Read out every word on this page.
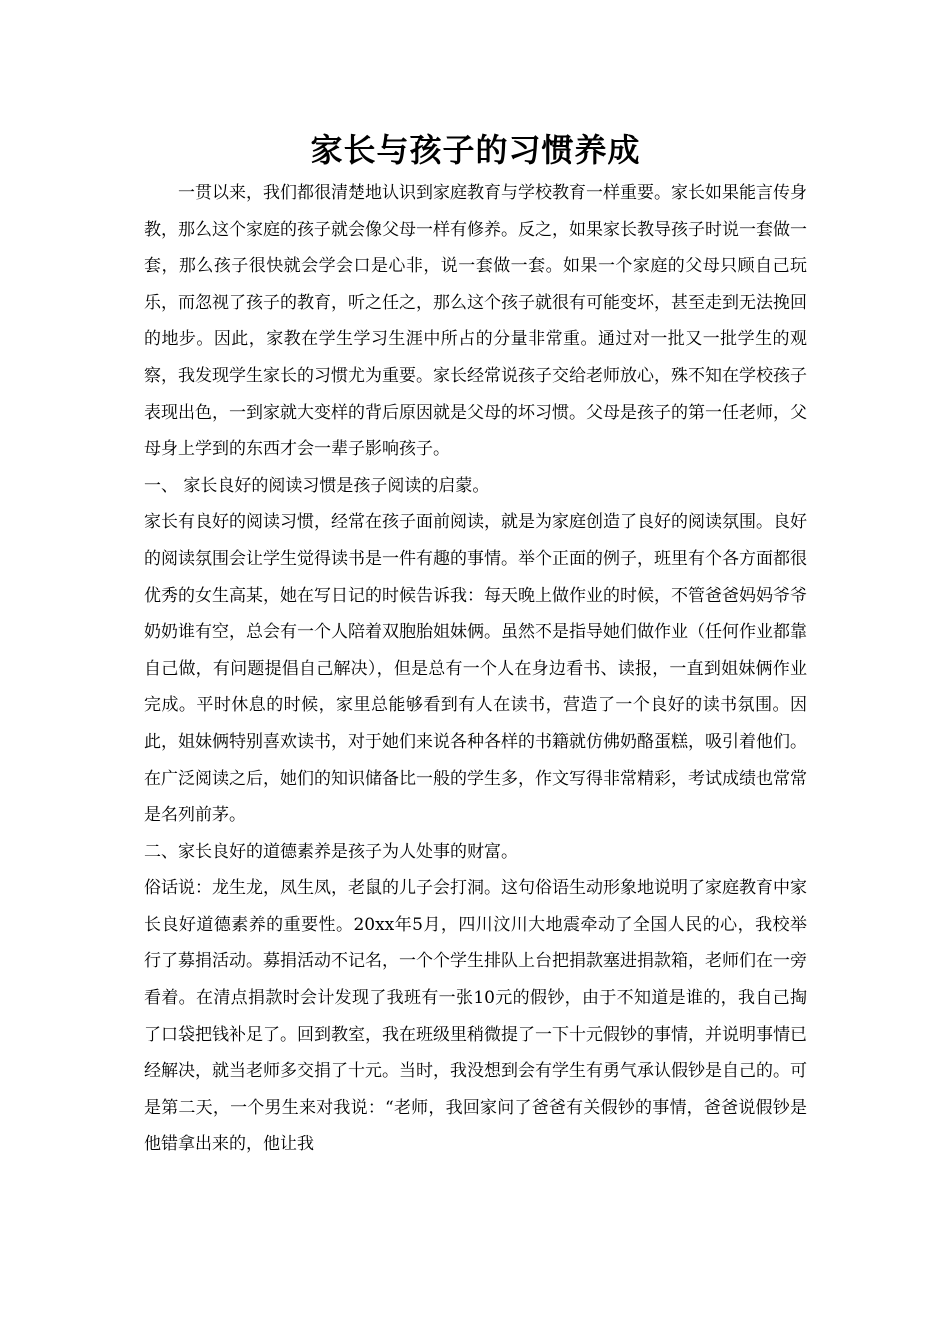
家长与孩子的习惯养成

一贯以来，我们都很清楚地认识到家庭教育与学校教育一样重要。家长如果能言传身教，那么这个家庭的孩子就会像父母一样有修养。反之，如果家长教导孩子时说一套做一套，那么孩子很快就会学会口是心非，说一套做一套。如果一个家庭的父母只顾自己玩乐，而忽视了孩子的教育，听之任之，那么这个孩子就很有可能变坏，甚至走到无法挽回的地步。因此，家教在学生学习生涯中所占的分量非常重。通过对一批又一批学生的观察，我发现学生家长的习惯尤为重要。家长经常说孩子交给老师放心，殊不知在学校孩子表现出色，一到家就大变样的背后原因就是父母的坏习惯。父母是孩子的第一任老师，父母身上学到的东西才会一辈子影响孩子。

一、 家长良好的阅读习惯是孩子阅读的启蒙。

家长有良好的阅读习惯，经常在孩子面前阅读，就是为家庭创造了良好的阅读氛围。良好的阅读氛围会让学生觉得读书是一件有趣的事情。举个正面的例子，班里有个各方面都很优秀的女生高某，她在写日记的时候告诉我：每天晚上做作业的时候，不管爸爸妈妈爷爷奶奶谁有空，总会有一个人陪着双胞胎姐妹俩。虽然不是指导她们做作业（任何作业都靠自己做，有问题提倡自己解决），但是总有一个人在身边看书、读报，一直到姐妹俩作业完成。平时休息的时候，家里总能够看到有人在读书，营造了一个良好的读书氛围。因此，姐妹俩特别喜欢读书，对于她们来说各种各样的书籍就仿佛奶酪蛋糕，吸引着他们。在广泛阅读之后，她们的知识储备比一般的学生多，作文写得非常精彩，考试成绩也常常是名列前茅。

二、家长良好的道德素养是孩子为人处事的财富。

俗话说：龙生龙，凤生凤，老鼠的儿子会打洞。这句俗语生动形象地说明了家庭教育中家长良好道德素养的重要性。20xx年5月，四川汶川大地震牵动了全国人民的心，我校举行了募捐活动。募捐活动不记名，一个个学生排队上台把捐款塞进捐款箱，老师们在一旁看着。在清点捐款时会计发现了我班有一张10元的假钞，由于不知道是谁的，我自己掏了口袋把钱补足了。回到教室，我在班级里稍微提了一下十元假钞的事情，并说明事情已经解决，就当老师多交捐了十元。当时，我没想到会有学生有勇气承认假钞是自己的。可是第二天，一个男生来对我说：“老师，我回家问了爸爸有关假钞的事情，爸爸说假钞是他错拿出来的，他让我
